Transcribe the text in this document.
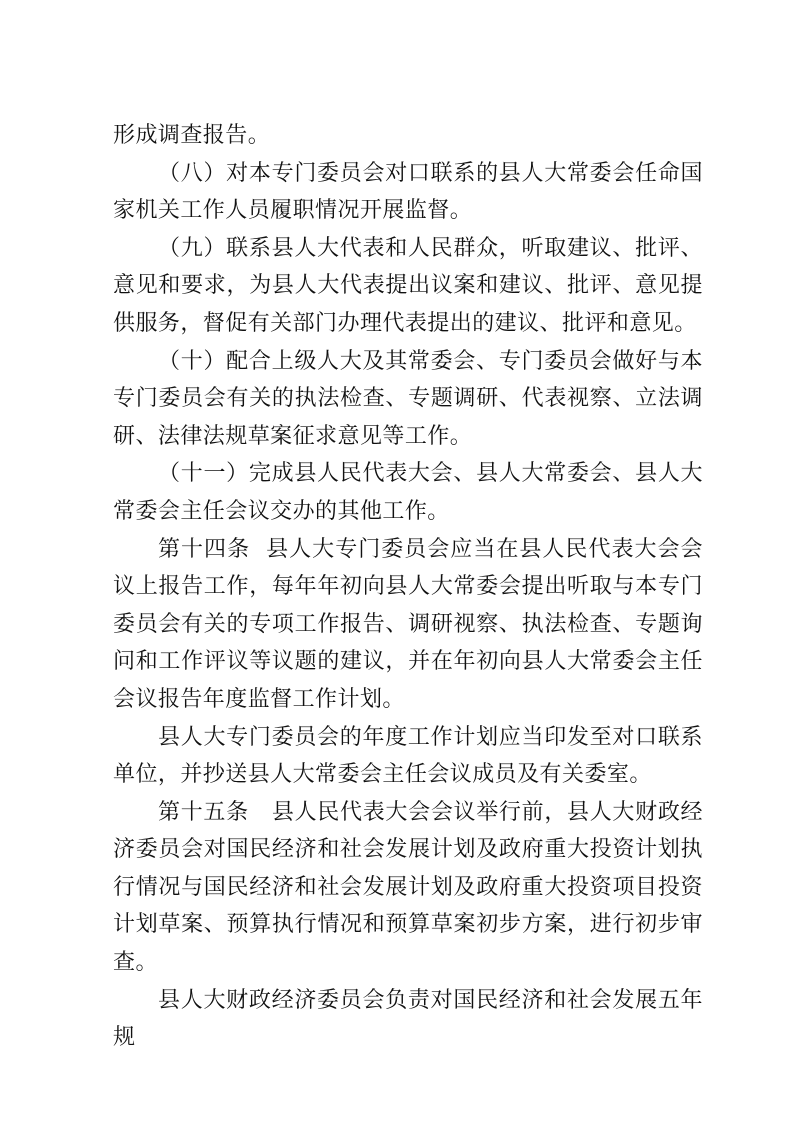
形成调查报告。

（八）对本专门委员会对口联系的县人大常委会任命国家机关工作人员履职情况开展监督。

（九）联系县人大代表和人民群众，听取建议、批评、意见和要求，为县人大代表提出议案和建议、批评、意见提供服务，督促有关部门办理代表提出的建议、批评和意见。

（十）配合上级人大及其常委会、专门委员会做好与本专门委员会有关的执法检查、专题调研、代表视察、立法调研、法律法规草案征求意见等工作。

（十一）完成县人民代表大会、县人大常委会、县人大常委会主任会议交办的其他工作。

第十四条  县人大专门委员会应当在县人民代表大会会议上报告工作，每年年初向县人大常委会提出听取与本专门委员会有关的专项工作报告、调研视察、执法检查、专题询问和工作评议等议题的建议，并在年初向县人大常委会主任会议报告年度监督工作计划。

县人大专门委员会的年度工作计划应当印发至对口联系单位，并抄送县人大常委会主任会议成员及有关委室。

第十五条   县人民代表大会会议举行前，县人大财政经济委员会对国民经济和社会发展计划及政府重大投资计划执行情况与国民经济和社会发展计划及政府重大投资项目投资计划草案、预算执行情况和预算草案初步方案，进行初步审查。

县人大财政经济委员会负责对国民经济和社会发展五年规
